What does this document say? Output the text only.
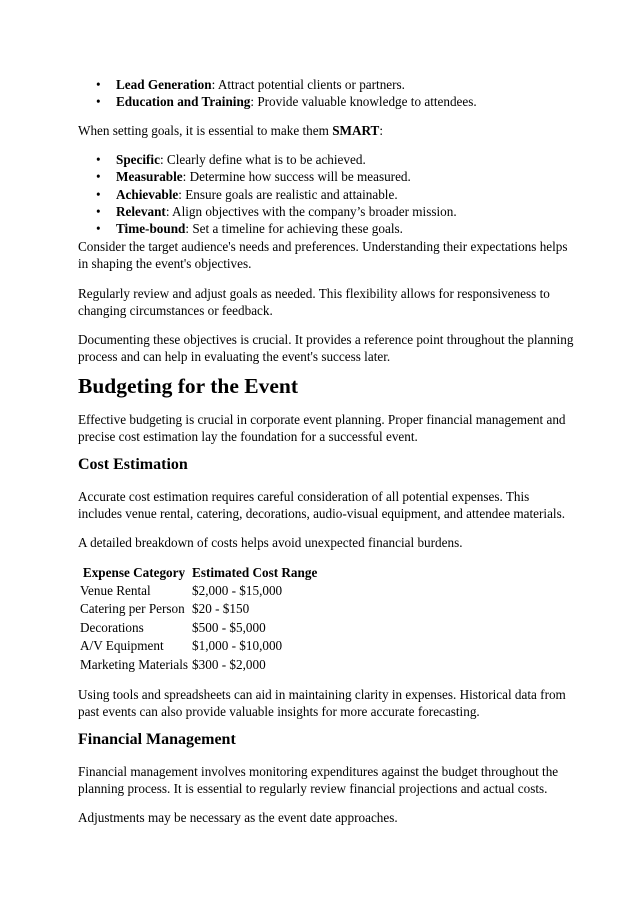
• Lead Generation: Attract potential clients or partners.
• Education and Training: Provide valuable knowledge to attendees.

When setting goals, it is essential to make them SMART:

• Specific: Clearly define what is to be achieved.
• Measurable: Determine how success will be measured.
• Achievable: Ensure goals are realistic and attainable.
• Relevant: Align objectives with the company’s broader mission.
• Time-bound: Set a timeline for achieving these goals.

Consider the target audience's needs and preferences. Understanding their expectations helps
in shaping the event's objectives.

Regularly review and adjust goals as needed. This flexibility allows for responsiveness to
changing circumstances or feedback.

Documenting these objectives is crucial. It provides a reference point throughout the planning
process and can help in evaluating the event's success later.

Budgeting for the Event

Effective budgeting is crucial in corporate event planning. Proper financial management and
precise cost estimation lay the foundation for a successful event.

Cost Estimation

Accurate cost estimation requires careful consideration of all potential expenses. This
includes venue rental, catering, decorations, audio-visual equipment, and attendee materials.

A detailed breakdown of costs helps avoid unexpected financial burdens.

Expense Category	Estimated Cost Range
Venue Rental	$2,000 - $15,000
Catering per Person	$20 - $150
Decorations	$500 - $5,000
A/V Equipment	$1,000 - $10,000
Marketing Materials	$300 - $2,000

Using tools and spreadsheets can aid in maintaining clarity in expenses. Historical data from
past events can also provide valuable insights for more accurate forecasting.

Financial Management

Financial management involves monitoring expenditures against the budget throughout the
planning process. It is essential to regularly review financial projections and actual costs.

Adjustments may be necessary as the event date approaches.
